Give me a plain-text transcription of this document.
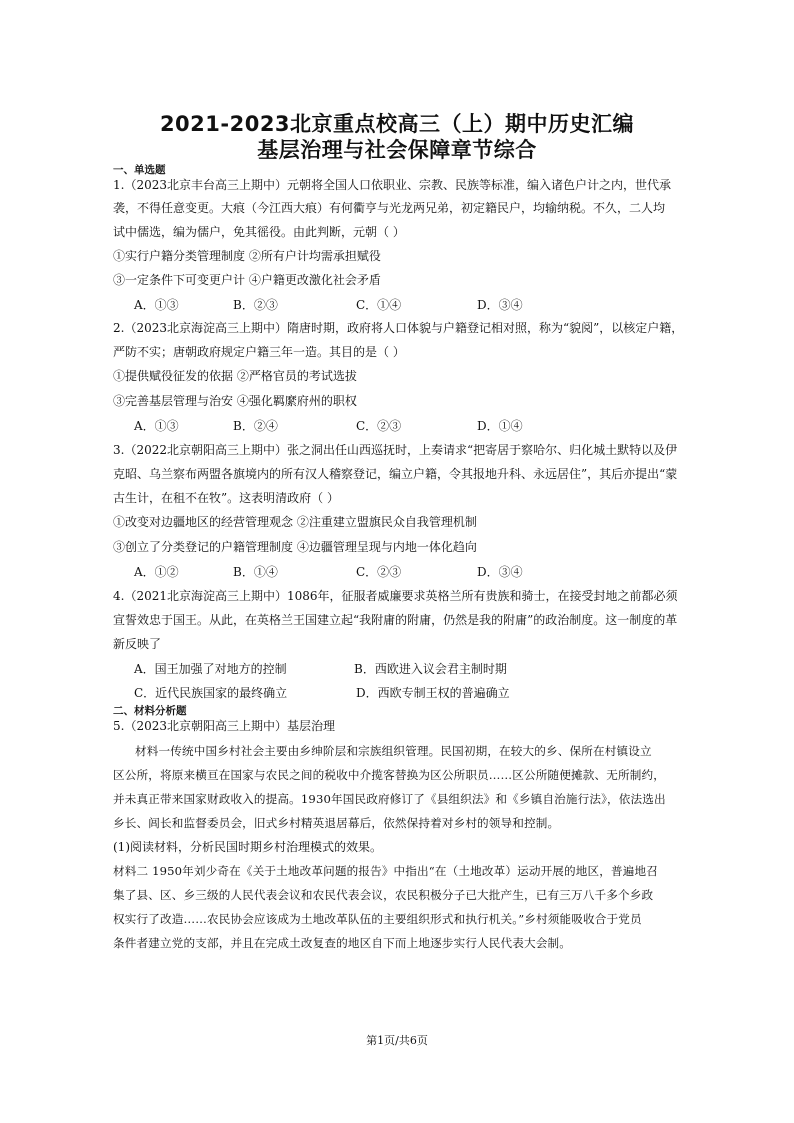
2021-2023北京重点校高三（上）期中历史汇编
基层治理与社会保障章节综合
一、单选题
1.（2023北京丰台高三上期中）元朝将全国人口依职业、宗教、民族等标准，编入诸色户计之内，世代承
袭，不得任意变更。大痕（今江西大痕）有何衢亨与光龙两兄弟，初定籍民户，均输纳税。不久，二人均
试中儒选，编为儒户，免其徭役。由此判断，元朝（ ）
①实行户籍分类管理制度 ②所有户计均需承担赋役
③一定条件下可变更户计 ④户籍更改激化社会矛盾
A．①③	B．②③	C．①④	D．③④
2.（2023北京海淀高三上期中）隋唐时期，政府将人口体貌与户籍登记相对照，称为“貌阅”，以核定户籍，
严防不实；唐朝政府规定户籍三年一造。其目的是（ ）
①提供赋役征发的依据 ②严格官员的考试选拔
③完善基层管理与治安 ④强化羁縻府州的职权
A．①③	B．②④	C．②③	D．①④
3.（2022北京朝阳高三上期中）张之洞出任山西巡抚时，上奏请求“把寄居于察哈尔、归化城土默特以及伊
克昭、乌兰察布两盟各旗境内的所有汉人稽察登记，编立户籍，令其报地升科、永远居住”，其后亦提出“蒙
古生计，在租不在牧”。这表明清政府（ ）
①改变对边疆地区的经营管理观念 ②注重建立盟旗民众自我管理机制
③创立了分类登记的户籍管理制度 ④边疆管理呈现与内地一体化趋向
A．①②	B．①④	C．②③	D．③④
4.（2021北京海淀高三上期中）1086年，征服者威廉要求英格兰所有贵族和骑士，在接受封地之前都必须
宣誓效忠于国王。从此，在英格兰王国建立起“我附庸的附庸，仍然是我的附庸”的政治制度。这一制度的革
新反映了
A．国王加强了对地方的控制	B．西欧进入议会君主制时期
C．近代民族国家的最终确立	D．西欧专制王权的普遍确立
二、材料分析题
5.（2023北京朝阳高三上期中）基层治理
材料一传统中国乡村社会主要由乡绅阶层和宗族组织管理。民国初期，在较大的乡、保所在村镇设立
区公所，将原来横亘在国家与农民之间的税收中介揽客替换为区公所职员……区公所随便摊款、无所制约，
并未真正带来国家财政收入的提高。1930年国民政府修订了《县组织法》和《乡镇自治施行法》，依法选出
乡长、闾长和监督委员会，旧式乡村精英退居幕后，依然保持着对乡村的领导和控制。
(1)阅读材料，分析民国时期乡村治理模式的效果。
材料二 1950年刘少奇在《关于土地改革问题的报告》中指出“在（土地改革）运动开展的地区，普遍地召
集了县、区、乡三级的人民代表会议和农民代表会议，农民积极分子已大批产生，已有三万八千多个乡政
权实行了改造……农民协会应该成为土地改革队伍的主要组织形式和执行机关。”乡村须能吸收合于党员
条件者建立党的支部，并且在完成土改复查的地区自下而上地逐步实行人民代表大会制。
第1页/共6页
